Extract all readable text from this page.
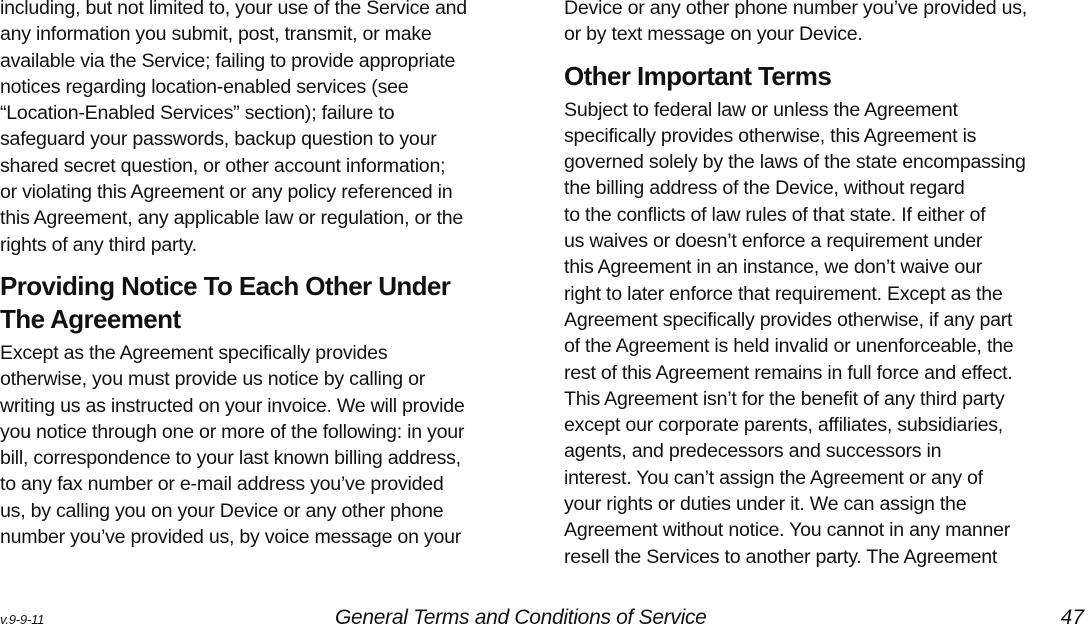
including, but not limited to, your use of the Service and
any information you submit, post, transmit, or make
available via the Service; failing to provide appropriate
notices regarding location-enabled services (see
“Location-Enabled Services” section); failure to
safeguard your passwords, backup question to your
shared secret question, or other account information;
or violating this Agreement or any policy referenced in
this Agreement, any applicable law or regulation, or the
rights of any third party.
Providing Notice To Each Other Under
The Agreement
Except as the Agreement specifically provides
otherwise, you must provide us notice by calling or
writing us as instructed on your invoice. We will provide
you notice through one or more of the following: in your
bill, correspondence to your last known billing address,
to any fax number or e-mail address you’ve provided
us, by calling you on your Device or any other phone
number you’ve provided us, by voice message on your
Device or any other phone number you’ve provided us,
or by text message on your Device.
Other Important Terms
Subject to federal law or unless the Agreement
specifically provides otherwise, this Agreement is
governed solely by the laws of the state encompassing
the billing address of the Device, without regard
to the conflicts of law rules of that state. If either of
us waives or doesn’t enforce a requirement under
this Agreement in an instance, we don’t waive our
right to later enforce that requirement. Except as the
Agreement specifically provides otherwise, if any part
of the Agreement is held invalid or unenforceable, the
rest of this Agreement remains in full force and effect.
This Agreement isn’t for the benefit of any third party
except our corporate parents, affiliates, subsidiaries,
agents, and predecessors and successors in
interest. You can’t assign the Agreement or any of
your rights or duties under it. We can assign the
Agreement without notice. You cannot in any manner
resell the Services to another party. The Agreement
v.9-9-11	General Terms and Conditions of Service	47
